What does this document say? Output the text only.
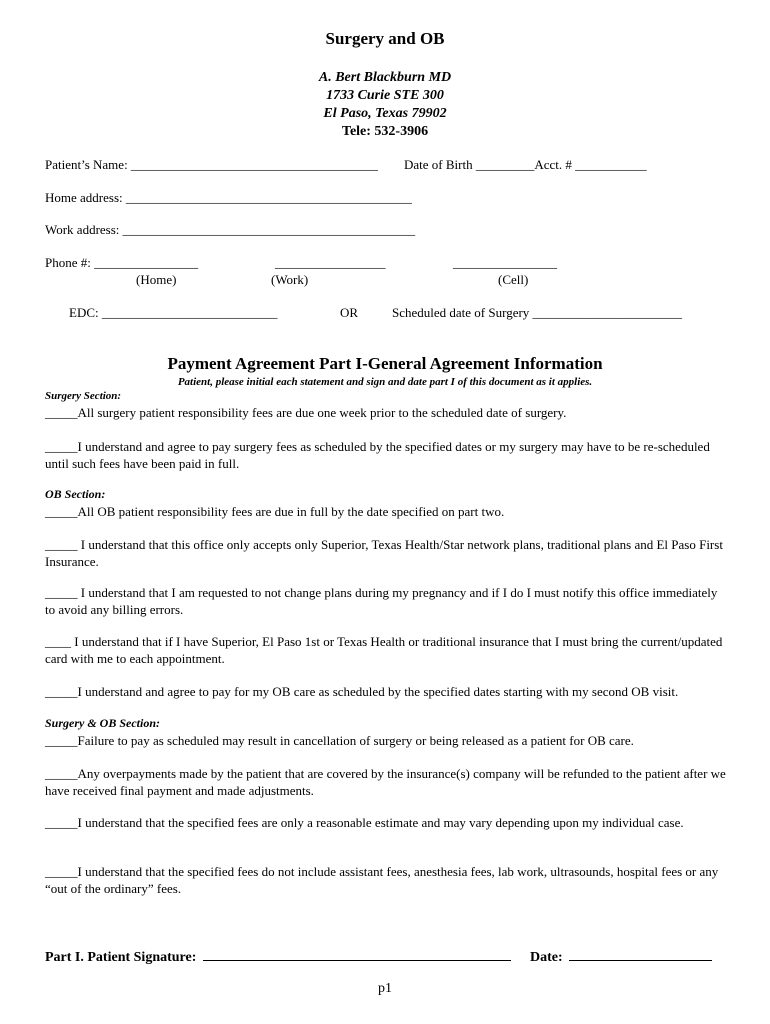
Surgery and OB
A. Bert Blackburn MD
1733 Curie STE 300
El Paso, Texas 79902
Tele: 532-3906
Patient’s Name: ______________________________________ Date of Birth _________Acct. # ___________
Home address: ____________________________________________
Work address: _____________________________________________
Phone #: ________________	_________________	________________
(Home)	(Work)	(Cell)
EDC: ___________________________	OR	Scheduled date of Surgery _______________________
Payment Agreement Part I-General Agreement Information
Patient, please initial each statement and sign and date part I of this document as it applies.
Surgery Section:
_____All surgery patient responsibility fees are due one week prior to the scheduled date of surgery.
_____I understand and agree to pay surgery fees as scheduled by the specified dates or my surgery may have to be re-scheduled until such fees have been paid in full.
OB Section:
_____All OB patient responsibility fees are due in full by the date specified on part two.
_____ I understand that this office only accepts only Superior, Texas Health/Star network plans, traditional plans and El Paso First Insurance.
_____ I understand that I am requested to not change plans during my pregnancy and if I do I must notify this office immediately to avoid any billing errors.
____ I understand that if I have Superior, El Paso 1st or Texas Health or traditional insurance that I must bring the current/updated card with me to each appointment.
_____I understand and agree to pay for my OB care as scheduled by the specified dates starting with my second OB visit.
Surgery & OB Section:
_____Failure to pay as scheduled may result in cancellation of surgery or being released as a patient for OB care.
_____Any overpayments made by the patient that are covered by the insurance(s) company will be refunded to the patient after we have received final payment and made adjustments.
_____I understand that the specified fees are only a reasonable estimate and may vary depending upon my individual case.
_____I understand that the specified fees do not include assistant fees, anesthesia fees, lab work, ultrasounds, hospital fees or any “out of the ordinary” fees.
Part I. Patient Signature:	Date:
p1
